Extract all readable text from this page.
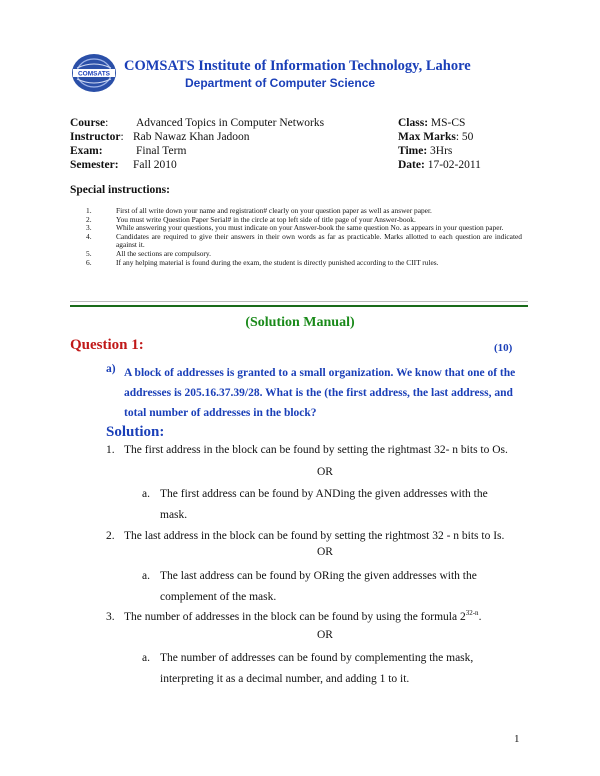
COMSATS COMSATS Institute of Information Technology, Lahore
Department of Computer Science
Course: Advanced Topics in Computer Networks
Instructor: Rab Nawaz Khan Jadoon
Exam:	Final Term
Semester: Fall 2010
Class: MS-CS
Max Marks: 50
Time: 3Hrs
Date: 17-02-2011
Special instructions:
1.	First of all write down your name and registration# clearly on your question paper as well as answer paper.
2.	You must write Question Paper Serial# in the circle at top left side of title page of your Answer-book.
3.	While answering your questions, you must indicate on your Answer-book the same question No. as appears in your question paper.
4.	Candidates are required to give their answers in their own words as far as practicable. Marks allotted to each question are indicated against it.
5.	All the sections are compulsory.
6.	If any helping material is found during the exam, the student is directly punished according to the CIIT rules.
(Solution Manual)
Question 1:	(10)
a) A block of addresses is granted to a small organization. We know that one of the addresses is 205.16.37.39/28. What is the (the first address, the last address, and total number of addresses in the block?
Solution:
1. The first address in the block can be found by setting the rightmast 32- n bits to Os.
OR
a. The first address can be found by ANDing the given addresses with the
mask.
2. The last address in the block can be found by setting the rightmost 32 - n bits to Is.
OR
a. The last address can be found by ORing the given addresses with the
complement of the mask.
3. The number of addresses in the block can be found by using the formula 2$^{32-n}$.
OR
a. The number of addresses can be found by complementing the mask,
interpreting it as a decimal number, and adding 1 to it.
1
